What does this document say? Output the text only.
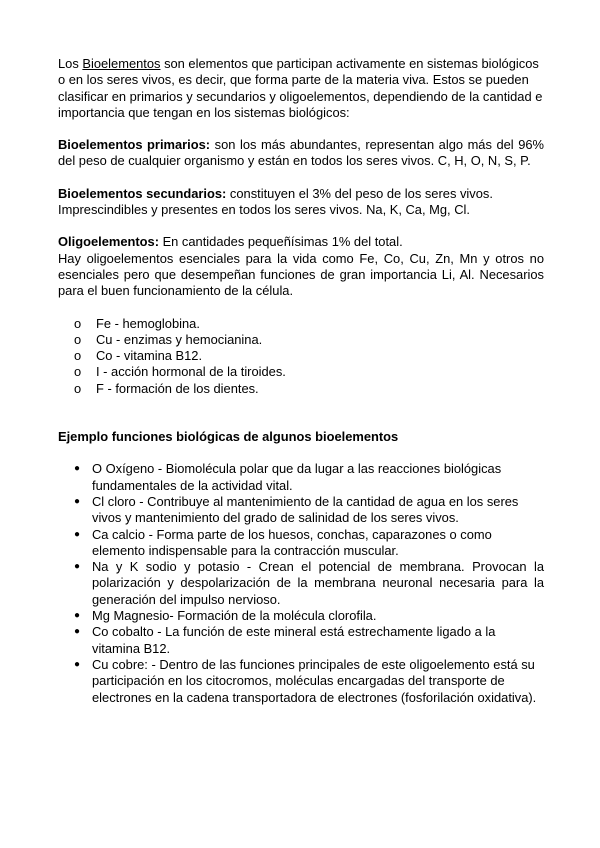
Los Bioelementos son elementos que participan activamente en sistemas biológicos o en los seres vivos, es decir, que forma parte de la materia viva. Estos se pueden clasificar en primarios y secundarios y oligoelementos, dependiendo de la cantidad e importancia que tengan en los sistemas biológicos:

Bioelementos primarios: son los más abundantes, representan algo más del 96% del peso de cualquier organismo y están en todos los seres vivos. C, H, O, N, S, P.

Bioelementos secundarios: constituyen el 3% del peso de los seres vivos. Imprescindibles y presentes en todos los seres vivos. Na, K, Ca, Mg, Cl.

Oligoelementos: En cantidades pequeñísimas 1% del total.

Hay oligoelementos esenciales para la vida como Fe, Co, Cu, Zn, Mn y otros no esenciales pero que desempeñan funciones de gran importancia Li, Al. Necesarios para el buen funcionamiento de la célula.

o Fe - hemoglobina.
o Cu - enzimas y hemocianina.
o Co - vitamina B12.
o I - acción hormonal de la tiroides.
o F - formación de los dientes.

Ejemplo funciones biológicas de algunos bioelementos

● O Oxígeno - Biomolécula polar que da lugar a las reacciones biológicas fundamentales de la actividad vital.
● Cl cloro - Contribuye al mantenimiento de la cantidad de agua en los seres vivos y mantenimiento del grado de salinidad de los seres vivos.
● Ca calcio - Forma parte de los huesos, conchas, caparazones o como elemento indispensable para la contracción muscular.
● Na y K sodio y potasio - Crean el potencial de membrana. Provocan la polarización y despolarización de la membrana neuronal necesaria para la generación del impulso nervioso.
● Mg Magnesio- Formación de la molécula clorofila.
● Co cobalto - La función de este mineral está estrechamente ligado a la vitamina B12.
● Cu cobre: - Dentro de las funciones principales de este oligoelemento está su participación en los citocromos, moléculas encargadas del transporte de electrones en la cadena transportadora de electrones (fosforilación oxidativa).
